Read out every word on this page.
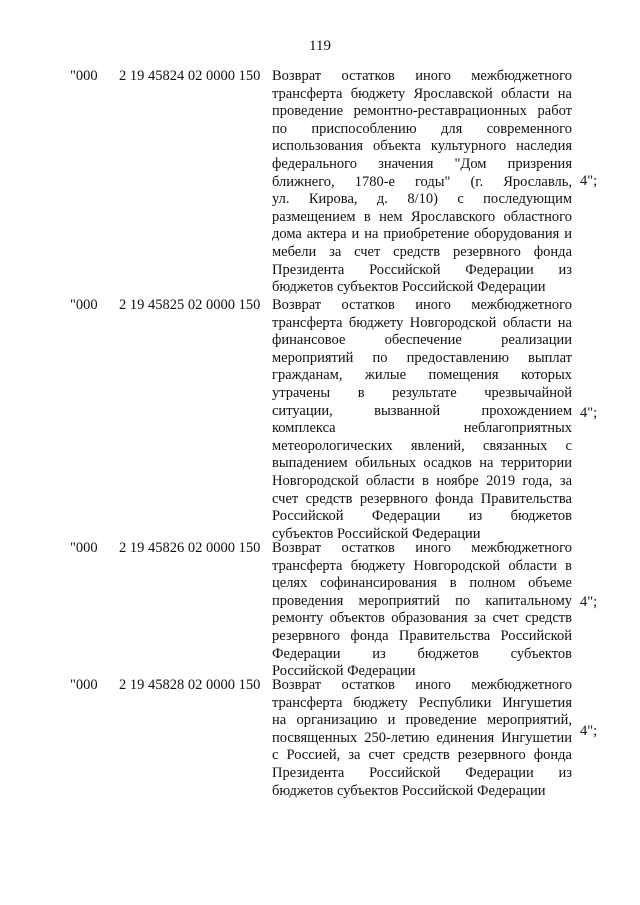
119
"000 2 19 45824 02 0000 150 Возврат остатков иного межбюджетного
трансферта бюджету Ярославской области на
проведение ремонтно-реставрационных работ
по приспособлению для современного
использования объекта культурного наследия
федерального значения "Дом призрения
ближнего, 1780-е годы" (г. Ярославль,
ул. Кирова, д. 8/10) с последующим
размещением в нем Ярославского областного
дома актера и на приобретение оборудования и
мебели за счет средств резервного фонда
Президента Российской Федерации из
бюджетов субъектов Российской Федерации
4";
"000 2 19 45825 02 0000 150 Возврат остатков иного межбюджетного
трансферта бюджету Новгородской области на
финансовое обеспечение реализации
мероприятий по предоставлению выплат
гражданам, жилые помещения которых
утрачены в результате чрезвычайной
ситуации, вызванной прохождением
комплекса неблагоприятных
метеорологических явлений, связанных с
выпадением обильных осадков на территории
Новгородской области в ноябре 2019 года, за
счет средств резервного фонда Правительства
Российской Федерации из бюджетов
субъектов Российской Федерации
4";
"000 2 19 45826 02 0000 150 Возврат остатков иного межбюджетного
трансферта бюджету Новгородской области в
целях софинансирования в полном объеме
проведения мероприятий по капитальному
ремонту объектов образования за счет средств
резервного фонда Правительства Российской
Федерации из бюджетов субъектов
Российской Федерации
4";
"000 2 19 45828 02 0000 150 Возврат остатков иного межбюджетного
трансферта бюджету Республики Ингушетия
на организацию и проведение мероприятий,
посвященных 250-летию единения Ингушетии
с Россией, за счет средств резервного фонда
Президента Российской Федерации из
бюджетов субъектов Российской Федерации
4";
